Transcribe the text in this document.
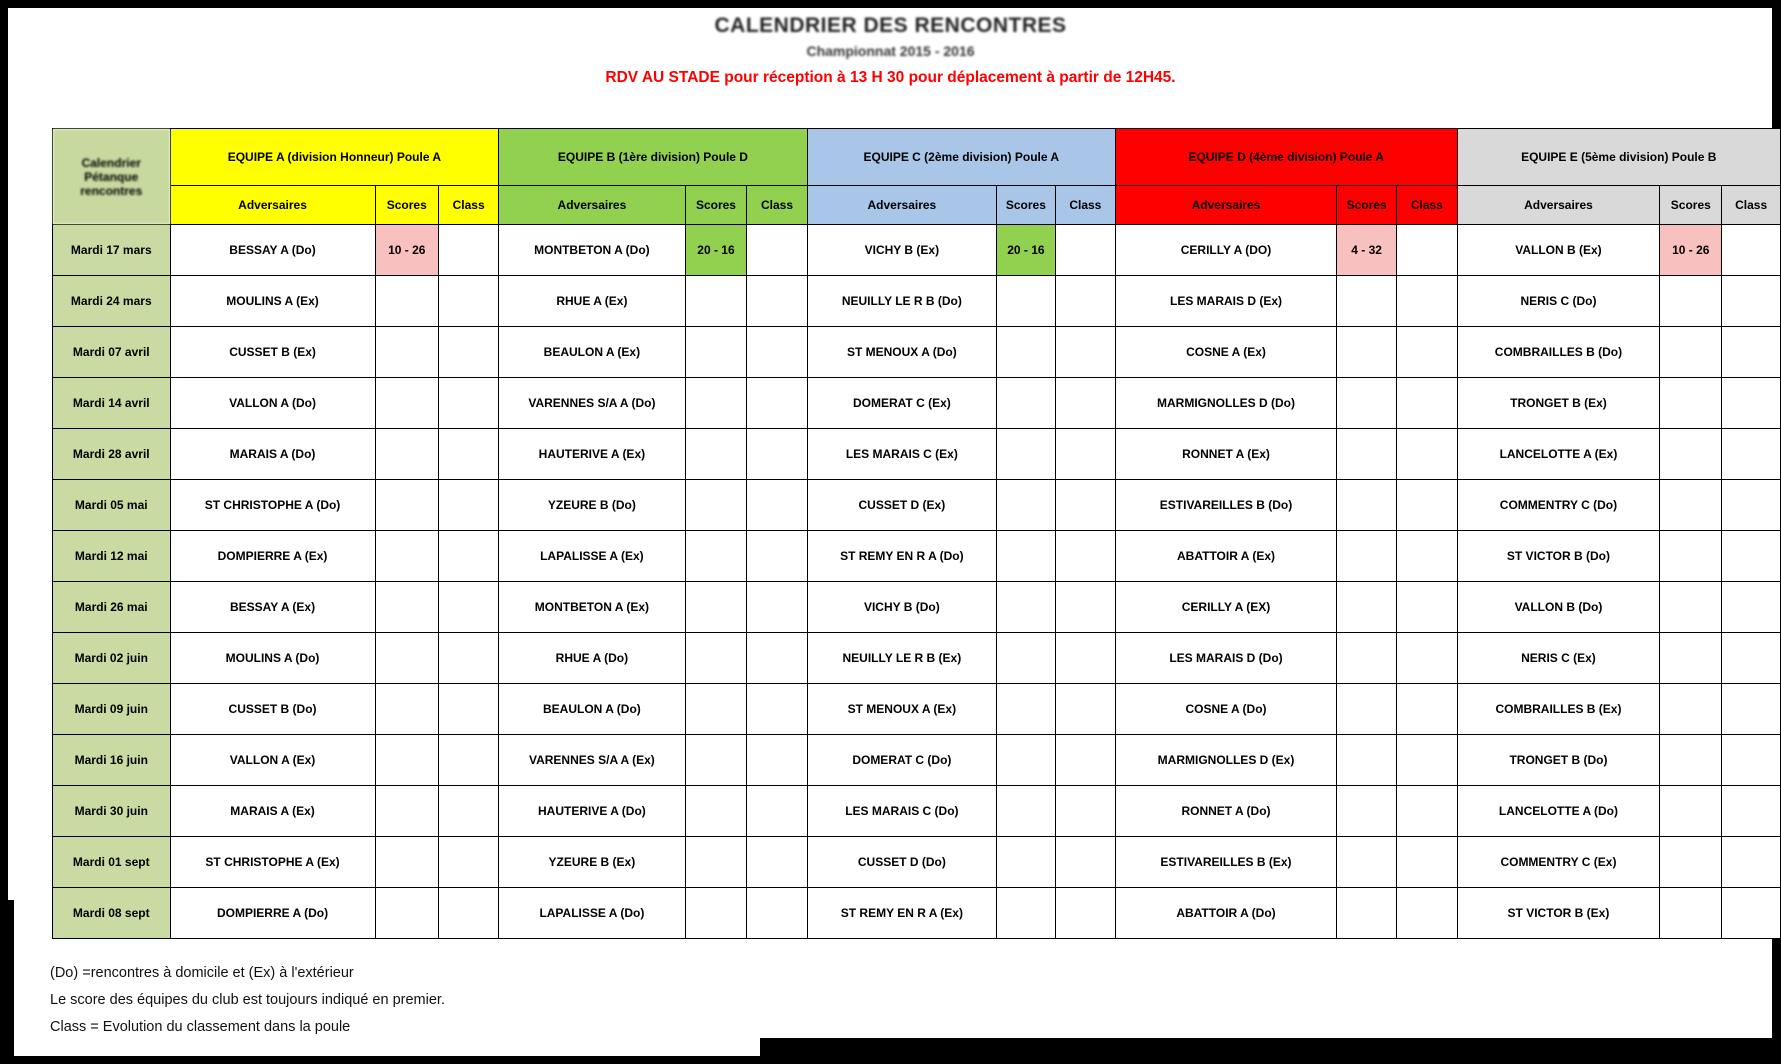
CALENDRIER DES RENCONTRES
Championnat 2015 - 2016
RDV AU STADE pour réception à 13 H 30 pour déplacement à partir de 12H45.
Calendrier Pétanque rencontres	EQUIPE A (division Honneur) Poule A			EQUIPE B (1ère division) Poule D			EQUIPE C (2ème division) Poule A			EQUIPE D (4ème division) Poule A			EQUIPE E (5ème division) Poule B		
	Adversaires	Scores	Class	Adversaires	Scores	Class	Adversaires	Scores	Class	Adversaires	Scores	Class	Adversaires	Scores	Class
Mardi 17 mars	BESSAY A (Do)	10 - 26		MONTBETON A (Do)	20 - 16		VICHY B (Ex)	20 - 16		CERILLY A (DO)	4 - 32		VALLON B (Ex)	10 - 26	
Mardi 24 mars	MOULINS A (Ex)			RHUE A (Ex)			NEUILLY LE R B (Do)			LES MARAIS D (Ex)			NERIS C (Do)		
Mardi 07 avril	CUSSET B (Ex)			BEAULON A (Ex)			ST MENOUX A (Do)			COSNE A (Ex)			COMBRAILLES B (Do)		
Mardi 14 avril	VALLON A (Do)			VARENNES S/A A (Do)			DOMERAT C (Ex)			MARMIGNOLLES D (Do)			TRONGET B (Ex)		
Mardi 28 avril	MARAIS A (Do)			HAUTERIVE A (Ex)			LES MARAIS C (Ex)			RONNET A (Ex)			LANCELOTTE A (Ex)		
Mardi 05 mai	ST CHRISTOPHE A (Do)			YZEURE B (Do)			CUSSET D (Ex)			ESTIVAREILLES B (Do)			COMMENTRY C (Do)		
Mardi 12 mai	DOMPIERRE A (Ex)			LAPALISSE A (Ex)			ST REMY EN R A (Do)			ABATTOIR A (Ex)			ST VICTOR B (Do)		
Mardi 26 mai	BESSAY A (Ex)			MONTBETON A (Ex)			VICHY B (Do)			CERILLY A (EX)			VALLON B (Do)		
Mardi 02 juin	MOULINS A (Do)			RHUE A (Do)			NEUILLY LE R B (Ex)			LES MARAIS D (Do)			NERIS C (Ex)		
Mardi 09 juin	CUSSET B (Do)			BEAULON A (Do)			ST MENOUX A (Ex)			COSNE A (Do)			COMBRAILLES B (Ex)		
Mardi 16 juin	VALLON A (Ex)			VARENNES S/A A (Ex)			DOMERAT C (Do)			MARMIGNOLLES D (Ex)			TRONGET B (Do)		
Mardi 30 juin	MARAIS A (Ex)			HAUTERIVE A (Do)			LES MARAIS C (Do)			RONNET A (Do)			LANCELOTTE A (Do)		
Mardi 01 sept	ST CHRISTOPHE A (Ex)			YZEURE B (Ex)			CUSSET D (Do)			ESTIVAREILLES B (Ex)			COMMENTRY C (Ex)		
Mardi 08 sept	DOMPIERRE A (Do)			LAPALISSE A (Do)			ST REMY EN R A (Ex)			ABATTOIR A (Do)			ST VICTOR B (Ex)		
(Do) =rencontres à domicile et (Ex) à l'extérieur
Le score des équipes du club est toujours indiqué en premier.
Class = Evolution du classement dans la poule
